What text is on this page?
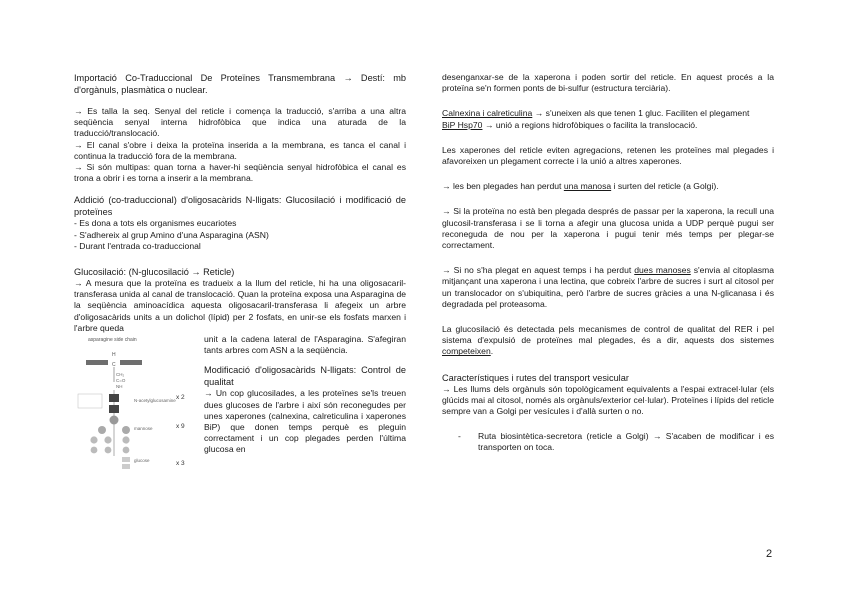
Importació Co-Traduccional De Proteïnes Transmembrana → Destí: mb d'orgànuls, plasmàtica o nuclear.

→ Es talla la seq. Senyal del reticle i comença la traducció, s'arriba a una altra seqüència senyal interna hidrofòbica que indica una aturada de la traducció/translocació.

→ El canal s'obre i deixa la proteïna inserida a la membrana, es tanca el canal i continua la traducció fora de la membrana.

→ Si són multipas: quan torna a haver-hi seqüència senyal hidrofòbica el canal es trona a obrir i es torna a inserir a la membrana.

Addició (co-traduccional) d'oligosacàrids N-lligats: Glucosilació i modificació de proteïnes

- Es dona a tots els organismes eucariotes

- S'adhereix al grup Amino d'una Asparagina (ASN)

- Durant l'entrada co-traduccional

Glucosilació: (N-glucosilació → Reticle)

→ A mesura que la proteïna es tradueix a la llum del reticle, hi ha una oligosacaril-transferasa unida al canal de translocació. Quan la proteïna exposa una Asparagina de la seqüència aminoacídica aquesta oligosacaril-transferasa li afegeix un arbre d'oligosacàrids units a un dolichol (lípid) per 2 fosfats, en unir-se els fosfats marxen i l'arbre queda

asparagine side chain
H
C
CH₂
C=O
NH
N-acetylglucosamine x 2
mannose	x 9
glucose	x 3

unit a la cadena lateral de l'Asparagina. S'afegiran tants arbres com ASN a la seqüència.

Modificació d'oligosacàrids N-lligats: Control de qualitat

→ Un cop glucosilades, a les proteïnes se'ls treuen dues glucoses de l'arbre i així són reconegudes per unes xaperones (calnexina, calreticulina i xaperones BiP) que donen temps perquè es pleguin correctament i un cop plegades perden l'última glucosa en

desenganxar-se de la xaperona i poden sortir del reticle. En aquest procés a la proteïna se'n formen ponts de bi-sulfur (estructura terciària).

Calnexina i calreticulina → s'uneixen als que tenen 1 gluc. Faciliten el plegament

BiP Hsp70 → unió a regions hidrofòbiques o facilita la translocació.

Les xaperones del reticle eviten agregacions, retenen les proteïnes mal plegades i afavoreixen un plegament correcte i la unió a altres xaperones.

→ les ben plegades han perdut una manosa i surten del reticle (a Golgi).

→ Si la proteïna no està ben plegada després de passar per la xaperona, la recull una glucosil-transferasa i se li torna a afegir una glucosa unida a UDP perquè pugui ser reconeguda de nou per la xaperona i pugui tenir més temps per plegar-se correctament.

→ Si no s'ha plegat en aquest temps i ha perdut dues manoses s'envia al citoplasma mitjançant una xaperona i una lectina, que cobreix l'arbre de sucres i surt al citosol per un translocador on s'ubiquitina, però l'arbre de sucres gràcies a una N-glicanasa i és degradada pel proteasoma.

La glucosilació és detectada pels mecanismes de control de qualitat del RER i pel sistema d'expulsió de proteïnes mal plegades, és a dir, aquests dos sistemes competeixen.

Característiques i rutes del transport vesicular

→ Les llums dels orgànuls són topològicament equivalents a l'espai extracel·lular (els glúcids mai al citosol, només als orgànuls/exterior cel·lular). Proteïnes i lípids del reticle sempre van a Golgi per vesícules i d'allà surten o no.

-	Ruta biosintètica-secretora (reticle a Golgi) → S'acaben de modificar i es transporten on toca.
2
